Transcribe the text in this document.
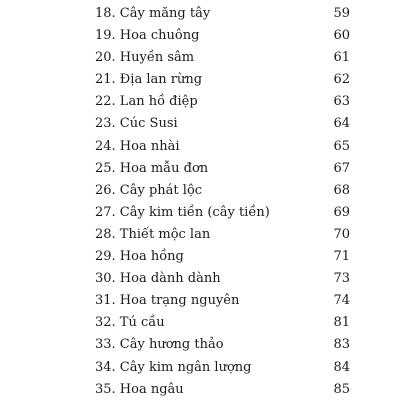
18. Cây măng tây	59
19. Hoa chuông	60
20. Huyền sâm	61
21. Địa lan rừng	62
22. Lan hồ điệp	63
23. Cúc Susi	64
24. Hoa nhài	65
25. Hoa mẫu đơn	67
26. Cây phát lộc	68
27. Cây kim tiền (cây tiền)	69
28. Thiết mộc lan	70
29. Hoa hồng	71
30. Hoa dành dành	73
31. Hoa trạng nguyên	74
32. Tú cầu	81
33. Cây hương thảo	83
34. Cây kim ngân lượng	84
35. Hoa ngâu	85
